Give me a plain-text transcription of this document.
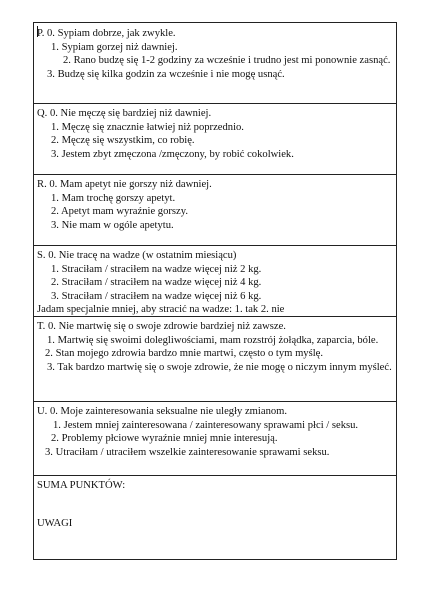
P. 0. Sypiam dobrze, jak zwykle.
1. Sypiam gorzej niż dawniej.
2. Rano budzę się 1-2 godziny za wcześnie i trudno jest mi ponownie zasnąć.
3. Budzę się kilka godzin za wcześnie i nie mogę usnąć.
Q. 0. Nie męczę się bardziej niż dawniej.
1. Męczę się znacznie łatwiej niż poprzednio.
2. Męczę się wszystkim, co robię.
3. Jestem zbyt zmęczona /zmęczony, by robić cokolwiek.
R. 0. Mam apetyt nie gorszy niż dawniej.
1. Mam trochę gorszy apetyt.
2. Apetyt mam wyraźnie gorszy.
3. Nie mam w ogóle apetytu.
S. 0. Nie tracę na wadze (w ostatnim miesiącu)
1. Straciłam / straciłem na wadze więcej niż 2 kg.
2. Straciłam / straciłem na wadze więcej niż 4 kg.
3. Straciłam / straciłem na wadze więcej niż 6 kg.
Jadam specjalnie mniej, aby stracić na wadze: 1. tak 2. nie
T. 0. Nie martwię się o swoje zdrowie bardziej niż zawsze.
1. Martwię się swoimi dolegliwościami, mam rozstrój żołądka, zaparcia, bóle.
2. Stan mojego zdrowia bardzo mnie martwi, często o tym myślę.
3. Tak bardzo martwię się o swoje zdrowie, że nie mogę o niczym innym myśleć.
U. 0. Moje zainteresowania seksualne nie uległy zmianom.
1. Jestem mniej zainteresowana / zainteresowany sprawami płci / seksu.
2. Problemy płciowe wyraźnie mniej mnie interesują.
3. Utraciłam / utraciłem wszelkie zainteresowanie sprawami seksu.
SUMA PUNKTÓW:
UWAGI
